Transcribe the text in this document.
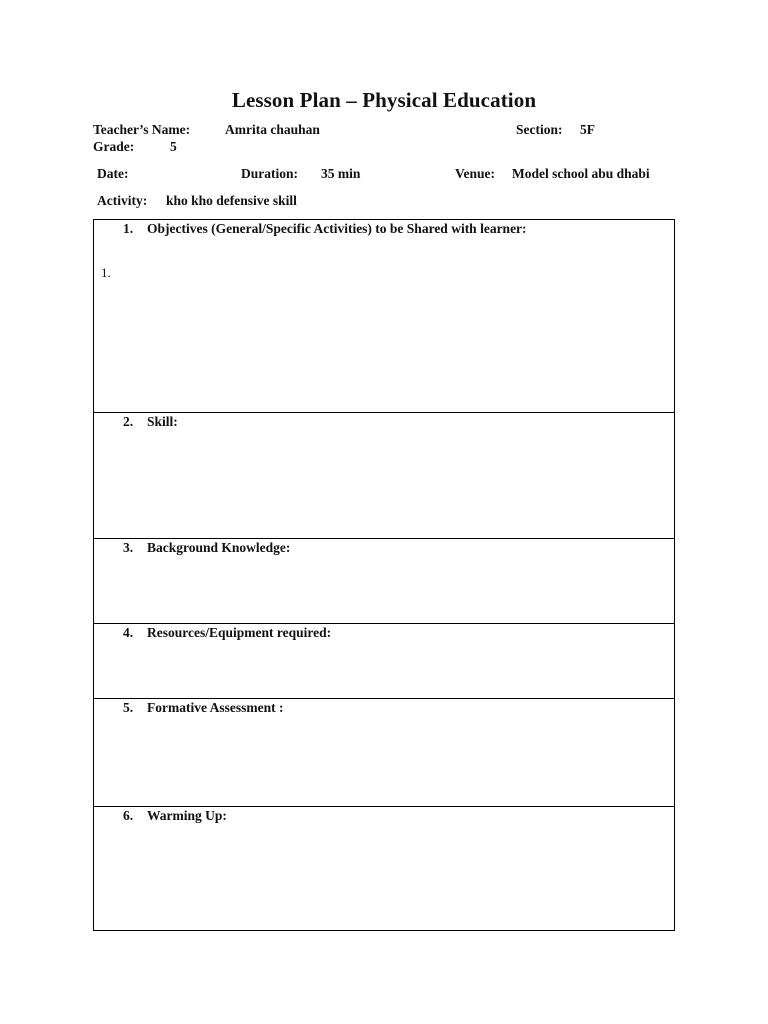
Lesson Plan – Physical Education
Teacher’s Name:	Amrita chauhan	Section: 5F
Grade:	5
Date:	Duration: 35 min	Venue: Model school abu dhabi
Activity: kho kho defensive skill
1. Objectives (General/Specific Activities) to be Shared with learner:
1.
2. Skill:
3. Background Knowledge:
4. Resources/Equipment required:
5. Formative Assessment :
6. Warming Up:
